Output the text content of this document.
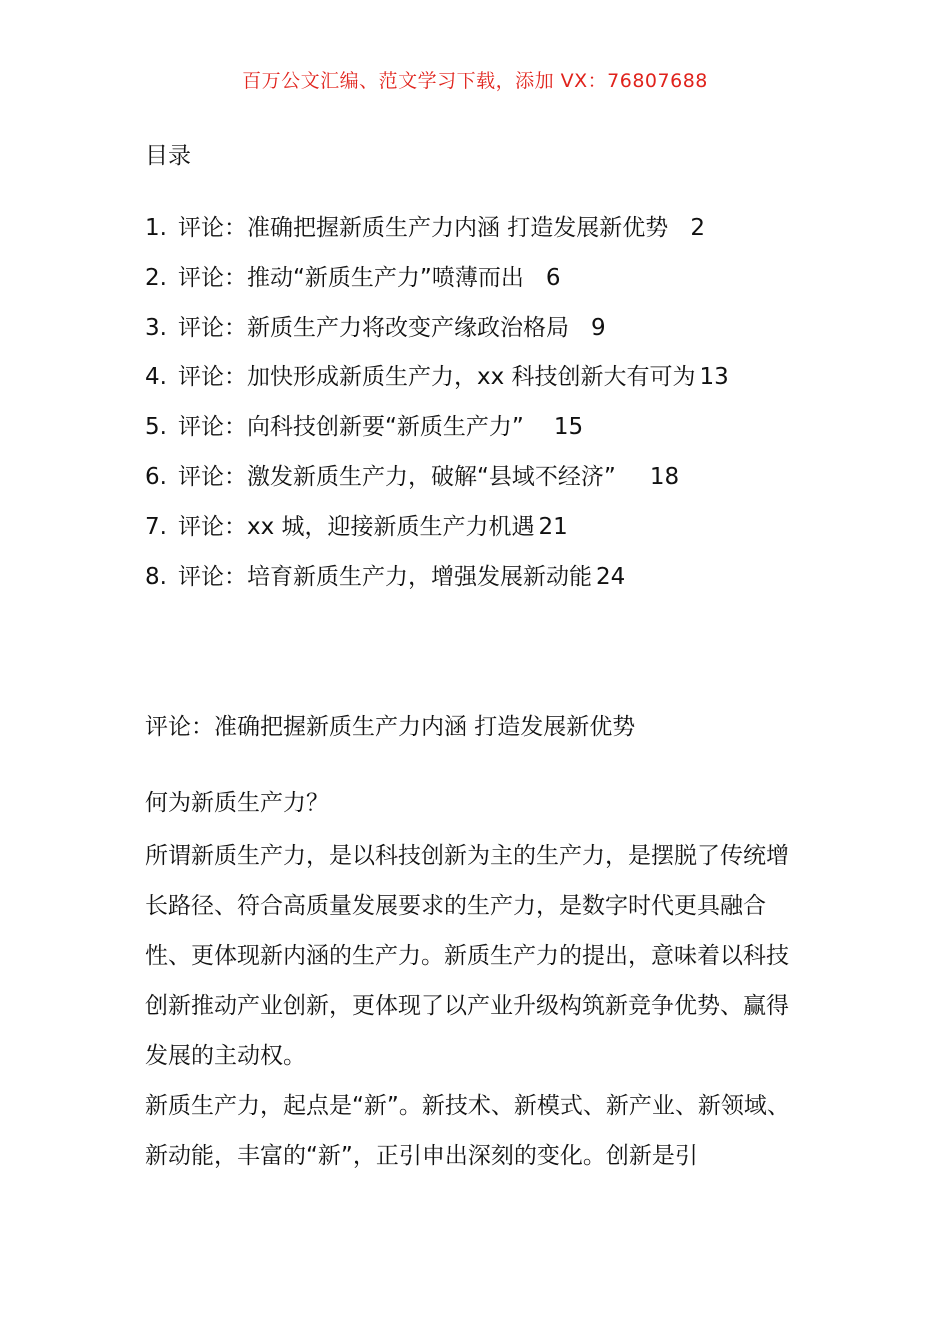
百万公文汇编、范文学习下载，添加 VX：76807688
目录
1. 评论：准确把握新质生产力内涵 打造发展新优势 2
2. 评论：推动“新质生产力”喷薄而出 6
3. 评论：新质生产力将改变产缘政治格局 9
4. 评论：加快形成新质生产力，xx 科技创新大有可为 13
5. 评论：向科技创新要“新质生产力” 15
6. 评论：激发新质生产力，破解“县域不经济” 18
7. 评论：xx 城，迎接新质生产力机遇 21
8. 评论：培育新质生产力，增强发展新动能 24
评论：准确把握新质生产力内涵 打造发展新优势

何为新质生产力？

所谓新质生产力，是以科技创新为主的生产力，是摆脱了传统增长路径、符合高质量发展要求的生产力，是数字时代更具融合性、更体现新内涵的生产力。新质生产力的提出，意味着以科技创新推动产业创新，更体现了以产业升级构筑新竞争优势、赢得发展的主动权。

新质生产力，起点是“新”。新技术、新模式、新产业、新领域、新动能，丰富的“新”，正引申出深刻的变化。创新是引
